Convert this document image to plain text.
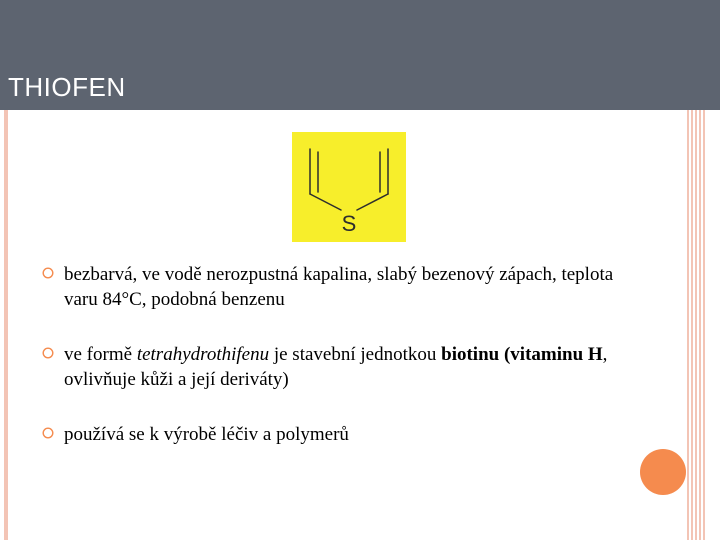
THIOFEN
S
bezbarvá, ve vodě nerozpustná kapalina, slabý bezenový zápach, teplota varu 84°C, podobná benzenu
ve formě tetrahydrothifenu je stavební jednotkou biotinu (vitaminu H, ovlivňuje kůži a její deriváty)
používá se k výrobě léčiv a polymerů
